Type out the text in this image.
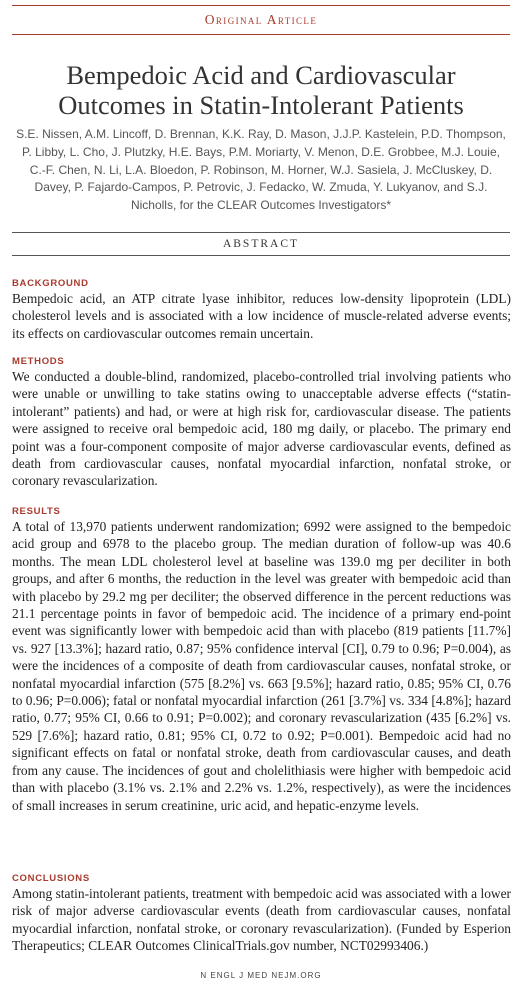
Original Article
Bempedoic Acid and Cardiovascular
Outcomes in Statin-Intolerant Patients
S.E. Nissen, A.M. Lincoff, D. Brennan, K.K. Ray, D. Mason, J.J.P. Kastelein, P.D. Thompson, P. Libby, L. Cho, J. Plutzky, H.E. Bays, P.M. Moriarty, V. Menon, D.E. Grobbee, M.J. Louie, C.-F. Chen, N. Li, L.A. Bloedon, P. Robinson, M. Horner, W.J. Sasiela, J. McCluskey, D. Davey, P. Fajardo-Campos, P. Petrovic, J. Fedacko, W. Zmuda, Y. Lukyanov, and S.J. Nicholls, for the CLEAR Outcomes Investigators*
ABSTRACT
BACKGROUND
Bempedoic acid, an ATP citrate lyase inhibitor, reduces low-density lipoprotein (LDL) cholesterol levels and is associated with a low incidence of muscle-related adverse events; its effects on cardiovascular outcomes remain uncertain.
METHODS
We conducted a double-blind, randomized, placebo-controlled trial involving patients who were unable or unwilling to take statins owing to unacceptable adverse effects (“statin-intolerant” patients) and had, or were at high risk for, cardiovascular disease. The patients were assigned to receive oral bempedoic acid, 180 mg daily, or placebo. The primary end point was a four-component composite of major adverse cardiovascular events, defined as death from cardiovascular causes, nonfatal myocardial infarction, nonfatal stroke, or coronary revascularization.
RESULTS
A total of 13,970 patients underwent randomization; 6992 were assigned to the bempedoic acid group and 6978 to the placebo group. The median duration of follow-up was 40.6 months. The mean LDL cholesterol level at baseline was 139.0 mg per deciliter in both groups, and after 6 months, the reduction in the level was greater with bempedoic acid than with placebo by 29.2 mg per deciliter; the observed difference in the percent reductions was 21.1 percentage points in favor of bempedoic acid. The incidence of a primary end-point event was significantly lower with bempedoic acid than with placebo (819 patients [11.7%] vs. 927 [13.3%]; hazard ratio, 0.87; 95% confidence interval [CI], 0.79 to 0.96; P=0.004), as were the incidences of a composite of death from cardiovascular causes, nonfatal stroke, or nonfatal myocardial infarction (575 [8.2%] vs. 663 [9.5%]; hazard ratio, 0.85; 95% CI, 0.76 to 0.96; P=0.006); fatal or nonfatal myocardial infarction (261 [3.7%] vs. 334 [4.8%]; hazard ratio, 0.77; 95% CI, 0.66 to 0.91; P=0.002); and coronary revascularization (435 [6.2%] vs. 529 [7.6%]; hazard ratio, 0.81; 95% CI, 0.72 to 0.92; P=0.001). Bempedoic acid had no significant effects on fatal or nonfatal stroke, death from cardiovascular causes, and death from any cause. The incidences of gout and cholelithiasis were higher with bempedoic acid than with placebo (3.1% vs. 2.1% and 2.2% vs. 1.2%, respectively), as were the incidences of small increases in serum creatinine, uric acid, and hepatic-enzyme levels.
CONCLUSIONS
Among statin-intolerant patients, treatment with bempedoic acid was associated with a lower risk of major adverse cardiovascular events (death from cardiovascular causes, nonfatal myocardial infarction, nonfatal stroke, or coronary revascularization). (Funded by Esperion Therapeutics; CLEAR Outcomes ClinicalTrials.gov number, NCT02993406.)
N ENGL J MED NEJM.ORG
